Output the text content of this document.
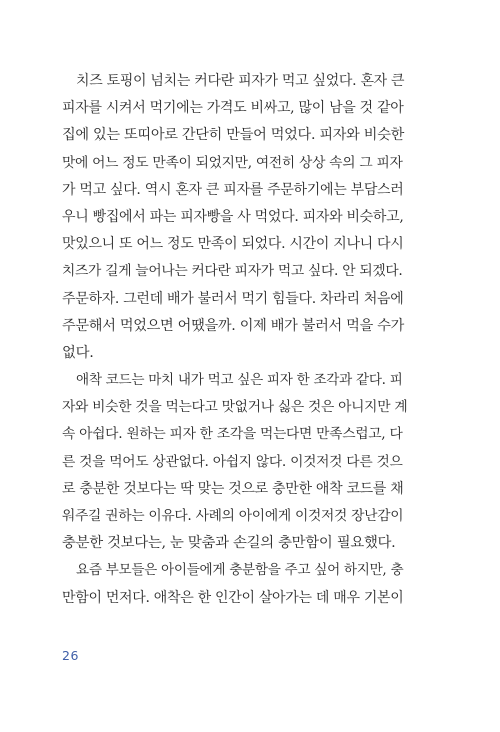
치즈 토핑이 넘치는 커다란 피자가 먹고 싶었다. 혼자 큰
피자를 시켜서 먹기에는 가격도 비싸고, 많이 남을 것 같아
집에 있는 또띠아로 간단히 만들어 먹었다. 피자와 비슷한
맛에 어느 정도 만족이 되었지만, 여전히 상상 속의 그 피자
가 먹고 싶다. 역시 혼자 큰 피자를 주문하기에는 부담스러
우니 빵집에서 파는 피자빵을 사 먹었다. 피자와 비슷하고,
맛있으니 또 어느 정도 만족이 되었다. 시간이 지나니 다시
치즈가 길게 늘어나는 커다란 피자가 먹고 싶다. 안 되겠다.
주문하자. 그런데 배가 불러서 먹기 힘들다. 차라리 처음에
주문해서 먹었으면 어땠을까. 이제 배가 불러서 먹을 수가
없다.
애착 코드는 마치 내가 먹고 싶은 피자 한 조각과 같다. 피
자와 비슷한 것을 먹는다고 맛없거나 싫은 것은 아니지만 계
속 아쉽다. 원하는 피자 한 조각을 먹는다면 만족스럽고, 다
른 것을 먹어도 상관없다. 아쉽지 않다. 이것저것 다른 것으
로 충분한 것보다는 딱 맞는 것으로 충만한 애착 코드를 채
워주길 권하는 이유다. 사례의 아이에게 이것저것 장난감이
충분한 것보다는, 눈 맞춤과 손길의 충만함이 필요했다.
요즘 부모들은 아이들에게 충분함을 주고 싶어 하지만, 충
만함이 먼저다. 애착은 한 인간이 살아가는 데 매우 기본이
26
